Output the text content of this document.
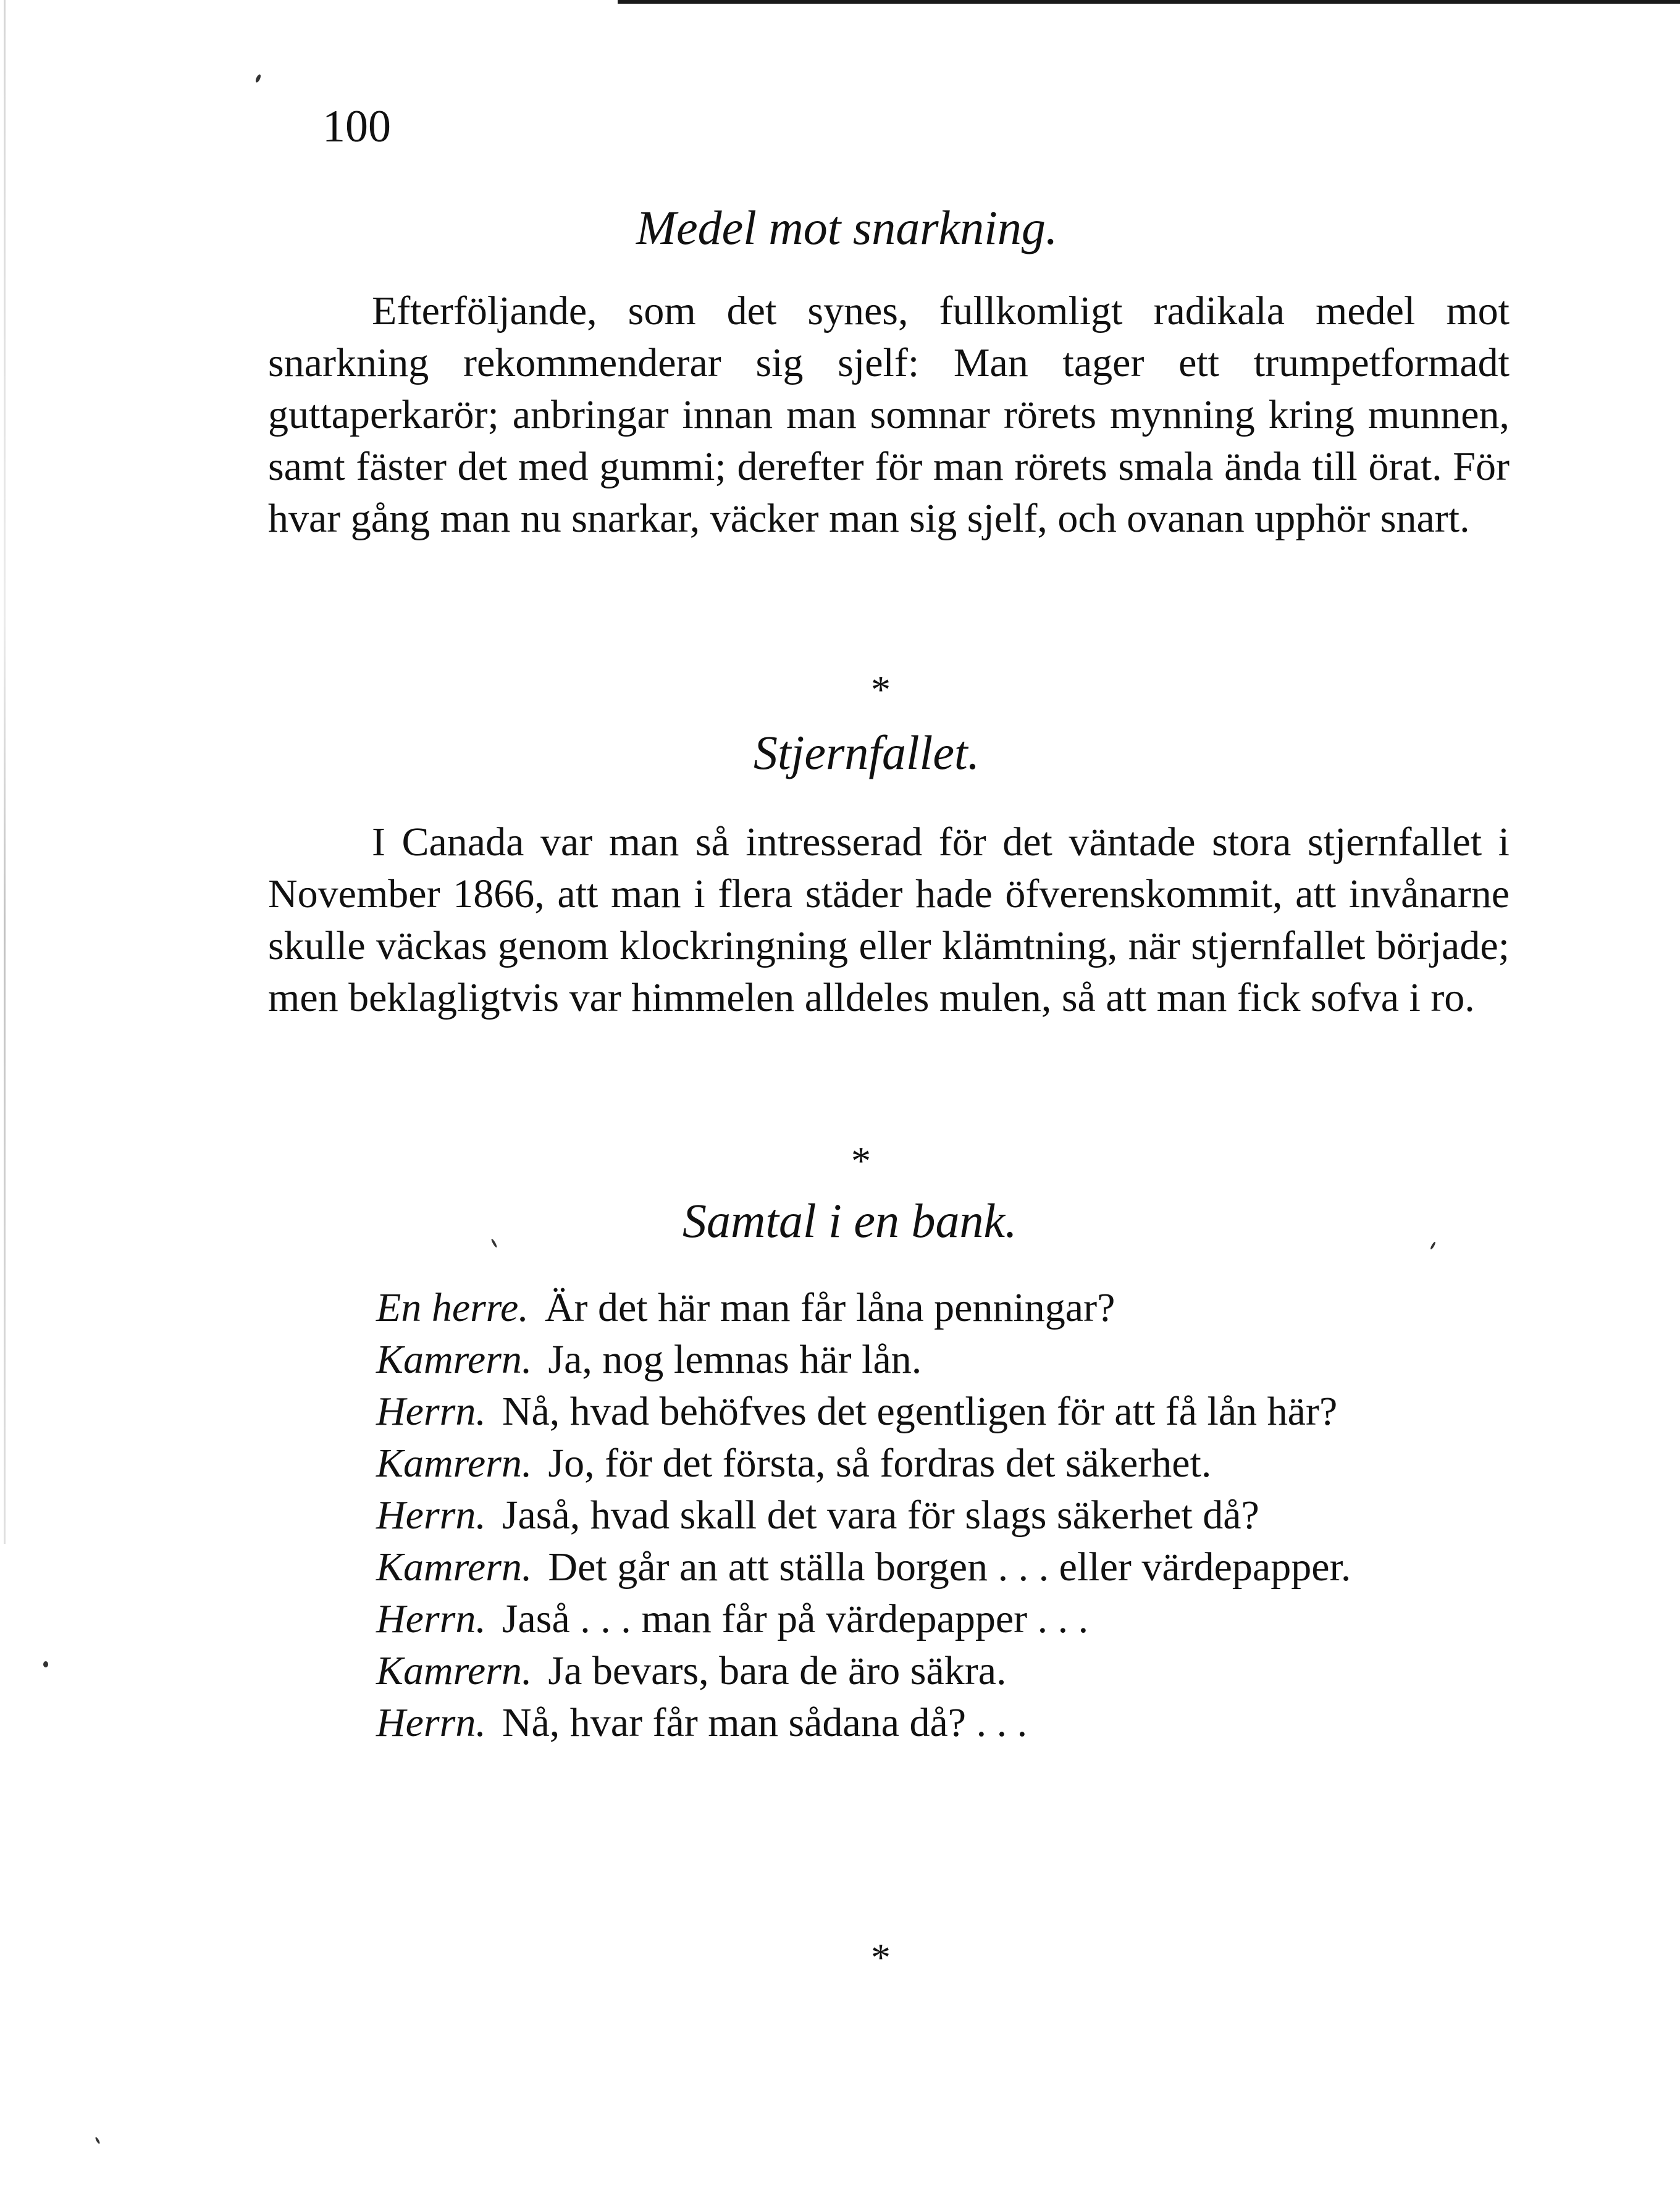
100
Medel mot snarkning.
Efterföljande, som det synes, fullkomligt radikala medel mot snarkning rekommenderar sig sjelf: Man tager ett trumpetformadt guttaperkarör; anbringar innan man somnar rörets mynning kring munnen, samt fäster det med gummi; derefter för man rörets smala ända till örat. För hvar gång man nu snarkar, väcker man sig sjelf, och ovanan upphör snart.
*
Stjernfallet.
I Canada var man så intresserad för det väntade stora stjernfallet i November 1866, att man i flera städer hade öfverenskommit, att invånarne skulle väckas genom klockringning eller klämtning, när stjernfallet började; men beklagligtvis var himmelen alldeles mulen, så att man fick sofva i ro.
*
Samtal i en bank.

En herre. Är det här man får låna penningar?

Kamrern. Ja, nog lemnas här lån.

Herrn. Nå, hvad behöfves det egentligen för att få lån här?

Kamrern. Jo, för det första, så fordras det säkerhet.

Herrn. Jaså, hvad skall det vara för slags säkerhet då?

Kamrern. Det går an att ställa borgen . . . eller värdepapper.

Herrn. Jaså . . . man får på värdepapper . . .

Kamrern. Ja bevars, bara de äro säkra.

Herrn. Nå, hvar får man sådana då? . . .

*
